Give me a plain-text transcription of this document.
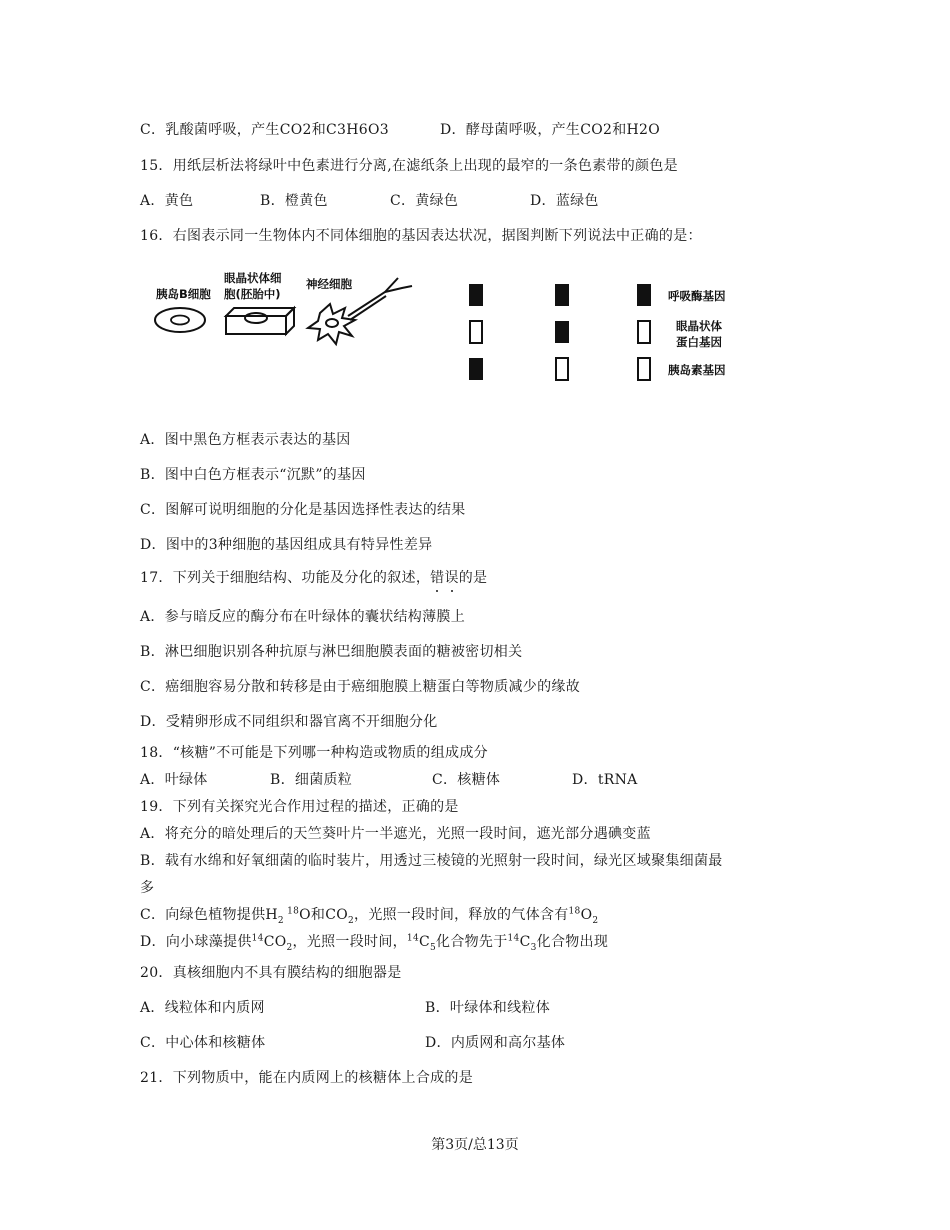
C．乳酸菌呼吸，产生CO2和C3H6O3	D．酵母菌呼吸，产生CO2和H2O
15．用纸层析法将绿叶中色素进行分离,在滤纸条上出现的最窄的一条色素带的颜色是
A．黄色	B．橙黄色	C．黄绿色	D．蓝绿色
16．右图表示同一生物体内不同体细胞的基因表达状况，据图判断下列说法中正确的是：
胰岛B细胞
眼晶状体细
胞(胚胎中)
神经细胞
呼吸酶基因
眼晶状体
蛋白基因
胰岛素基因
A．图中黑色方框表示表达的基因
B．图中白色方框表示“沉默”的基因
C．图解可说明细胞的分化是基因选择性表达的结果
D．图中的3种细胞的基因组成具有特异性差异
17．下列关于细胞结构、功能及分化的叙述，错误的是
A．参与暗反应的酶分布在叶绿体的囊状结构薄膜上
B．淋巴细胞识别各种抗原与淋巴细胞膜表面的糖被密切相关
C．癌细胞容易分散和转移是由于癌细胞膜上糖蛋白等物质减少的缘故
D．受精卵形成不同组织和器官离不开细胞分化
18．“核糖”不可能是下列哪一种构造或物质的组成成分
A．叶绿体	B．细菌质粒	C．核糖体	D．tRNA
19．下列有关探究光合作用过程的描述，正确的是
A．将充分的暗处理后的天竺葵叶片一半遮光，光照一段时间，遮光部分遇碘变蓝
B．载有水绵和好氧细菌的临时装片，用透过三棱镜的光照射一段时间，绿光区域聚集细菌最
多
C．向绿色植物提供$H_2$ $^{18}$O和$CO_2$，光照一段时间，释放的气体含有$^{18}O_2$
D．向小球藻提供$^{14}CO_2$，光照一段时间，$^{14}C_5$化合物先于$^{14}C_3$化合物出现
20．真核细胞内不具有膜结构的细胞器是
A．线粒体和内质网	B．叶绿体和线粒体
C．中心体和核糖体	D．内质网和高尔基体
21．下列物质中，能在内质网上的核糖体上合成的是
第3页/总13页
